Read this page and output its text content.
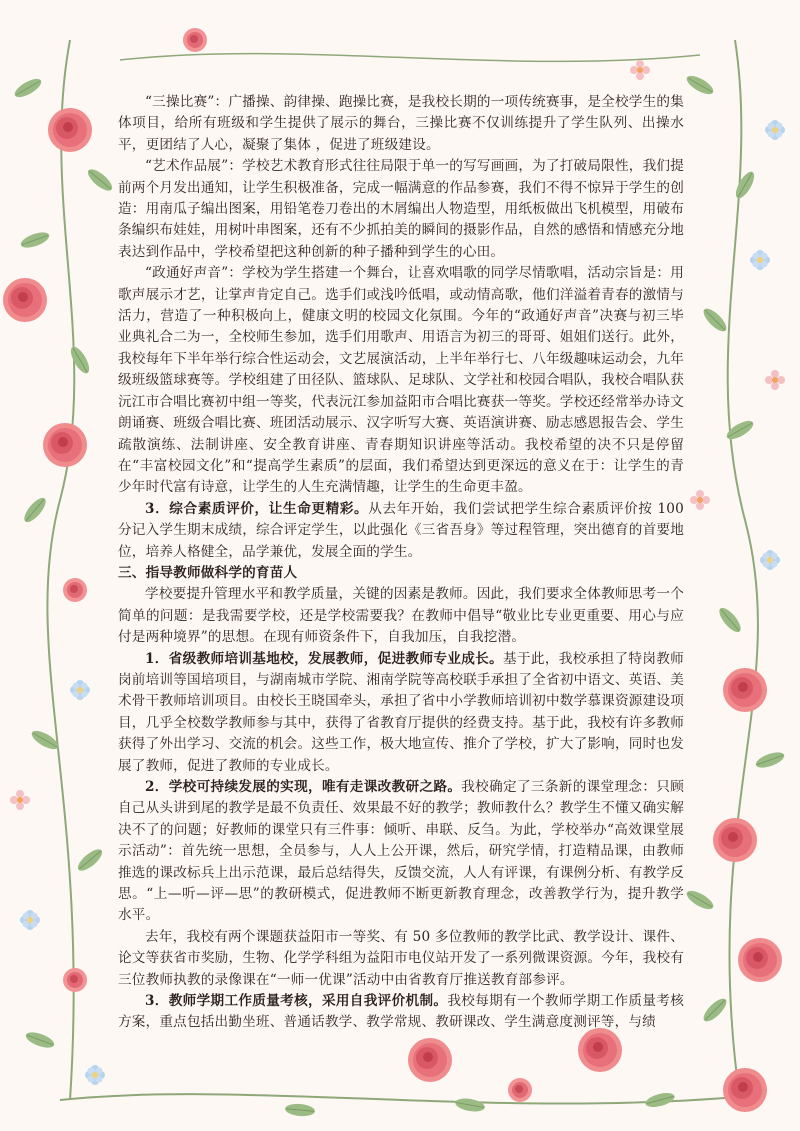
“三操比赛”：广播操、韵律操、跑操比赛，是我校长期的一项传统赛事，是全校学生的集体项目，给所有班级和学生提供了展示的舞台，三操比赛不仅训练提升了学生队列、出操水平，更团结了人心，凝聚了集体 ，促进了班级建设。

“艺术作品展”：学校艺术教育形式往往局限于单一的写写画画，为了打破局限性，我们提前两个月发出通知，让学生积极准备，完成一幅满意的作品参赛，我们不得不惊异于学生的创造：用南瓜子编出图案，用铅笔卷刀卷出的木屑编出人物造型，用纸板做出飞机模型，用破布条编织布娃娃，用树叶串图案，还有不少抓拍美的瞬间的摄影作品，自然的感悟和情感充分地表达到作品中，学校希望把这种创新的种子播种到学生的心田。

“政通好声音”：学校为学生搭建一个舞台，让喜欢唱歌的同学尽情歌唱，活动宗旨是：用歌声展示才艺，让掌声肯定自己。选手们或浅吟低唱，或动情高歌，他们洋溢着青春的激情与活力，营造了一种积极向上，健康文明的校园文化氛围。今年的“政通好声音”决赛与初三毕业典礼合二为一，全校师生参加，选手们用歌声、用语言为初三的哥哥、姐姐们送行。此外，我校每年下半年举行综合性运动会，文艺展演活动，上半年举行七、八年级趣味运动会，九年级班级篮球赛等。学校组建了田径队、篮球队、足球队、文学社和校园合唱队，我校合唱队获沅江市合唱比赛初中组一等奖，代表沅江参加益阳市合唱比赛获一等奖。学校还经常举办诗文朗诵赛、班级合唱比赛、班团活动展示、汉字听写大赛、英语演讲赛、励志感恩报告会、学生疏散演练、法制讲座、安全教育讲座、青春期知识讲座等活动。我校希望的决不只是停留在“丰富校园文化”和“提高学生素质”的层面，我们希望达到更深远的意义在于：让学生的青少年时代富有诗意，让学生的人生充满情趣，让学生的生命更丰盈。

3．综合素质评价，让生命更精彩。从去年开始，我们尝试把学生综合素质评价按 100 分记入学生期末成绩，综合评定学生，以此强化《三省吾身》等过程管理，突出德育的首要地位，培养人格健全，品学兼优，发展全面的学生。

三、指导教师做科学的育苗人

学校要提升管理水平和教学质量，关键的因素是教师。因此，我们要求全体教师思考一个简单的问题：是我需要学校，还是学校需要我？在教师中倡导“敬业比专业更重要、用心与应付是两种境界”的思想。在现有师资条件下，自我加压，自我挖潜。

1．省级教师培训基地校，发展教师，促进教师专业成长。基于此，我校承担了特岗教师岗前培训等国培项目，与湖南城市学院、湘南学院等高校联手承担了全省初中语文、英语、美术骨干教师培训项目。由校长王晓国牵头，承担了省中小学教师培训初中数学慕课资源建设项目，几乎全校数学教师参与其中，获得了省教育厅提供的经费支持。基于此，我校有许多教师获得了外出学习、交流的机会。这些工作，极大地宣传、推介了学校，扩大了影响，同时也发展了教师，促进了教师的专业成长。

2．学校可持续发展的实现，唯有走课改教研之路。我校确定了三条新的课堂理念：只顾自己从头讲到尾的教学是最不负责任、效果最不好的教学；教师教什么？教学生不懂又确实解决不了的问题；好教师的课堂只有三件事：倾听、串联、反刍。为此，学校举办“高效课堂展示活动”：首先统一思想，全员参与，人人上公开课，然后，研究学情，打造精品课，由教师推选的课改标兵上出示范课，最后总结得失，反馈交流，人人有评课，有课例分析、有教学反思。“上—听—评—思”的教研模式，促进教师不断更新教育理念，改善教学行为，提升教学水平。

去年，我校有两个课题获益阳市一等奖、有 50 多位教师的教学比武、教学设计、课件、论文等获省市奖励，生物、化学学科组为益阳市电仪站开发了一系列微课资源。今年，我校有三位教师执教的录像课在“一师一优课”活动中由省教育厅推送教育部参评。

3．教师学期工作质量考核，采用自我评价机制。我校每期有一个教师学期工作质量考核方案，重点包括出勤坐班、普通话教学、教学常规、教研课改、学生满意度测评等，与绩
